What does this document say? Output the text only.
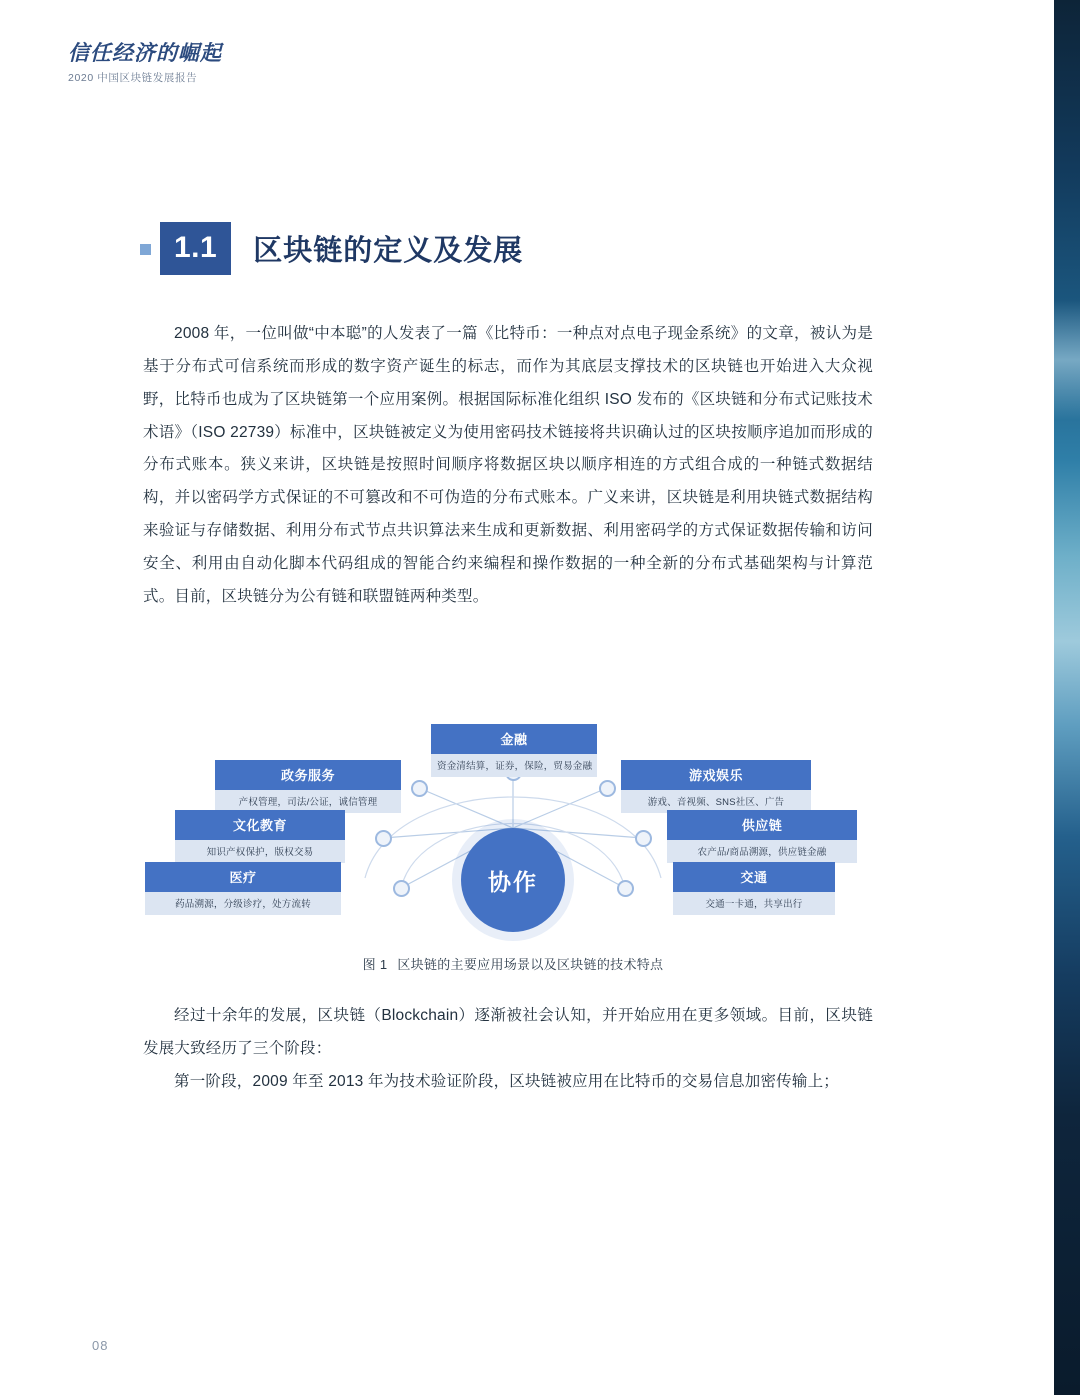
信任经济的崛起
2020 中国区块链发展报告
1.1	区块链的定义及发展

2008 年，一位叫做“中本聪”的人发表了一篇《比特币：一种点对点电子现金系统》的文章，被认为是基于分布式可信系统而形成的数字资产诞生的标志，而作为其底层支撑技术的区块链也开始进入大众视野，比特币也成为了区块链第一个应用案例。根据国际标准化组织 ISO 发布的《区块链和分布式记账技术术语》（ISO 22739）标准中，区块链被定义为使用密码技术链接将共识确认过的区块按顺序追加而形成的分布式账本。狭义来讲，区块链是按照时间顺序将数据区块以顺序相连的方式组合成的一种链式数据结构，并以密码学方式保证的不可篡改和不可伪造的分布式账本。广义来讲，区块链是利用块链式数据结构来验证与存储数据、利用分布式节点共识算法来生成和更新数据、利用密码学的方式保证数据传输和访问安全、利用由自动化脚本代码组成的智能合约来编程和操作数据的一种全新的分布式基础架构与计算范式。目前，区块链分为公有链和联盟链两种类型。

协作
金融
资金清结算，证券，保险，贸易金融
政务服务
产权管理，司法/公证，诚信管理
游戏娱乐
游戏、音视频、SNS社区、广告
文化教育
知识产权保护，版权交易
供应链
农产品/商品溯源，供应链金融
医疗
药品溯源，分级诊疗，处方流转
交通
交通一卡通，共享出行
图 1 区块链的主要应用场景以及区块链的技术特点

经过十余年的发展，区块链（Blockchain）逐渐被社会认知，并开始应用在更多领域。目前，区块链发展大致经历了三个阶段：

第一阶段，2009 年至 2013 年为技术验证阶段，区块链被应用在比特币的交易信息加密传输上；

08
